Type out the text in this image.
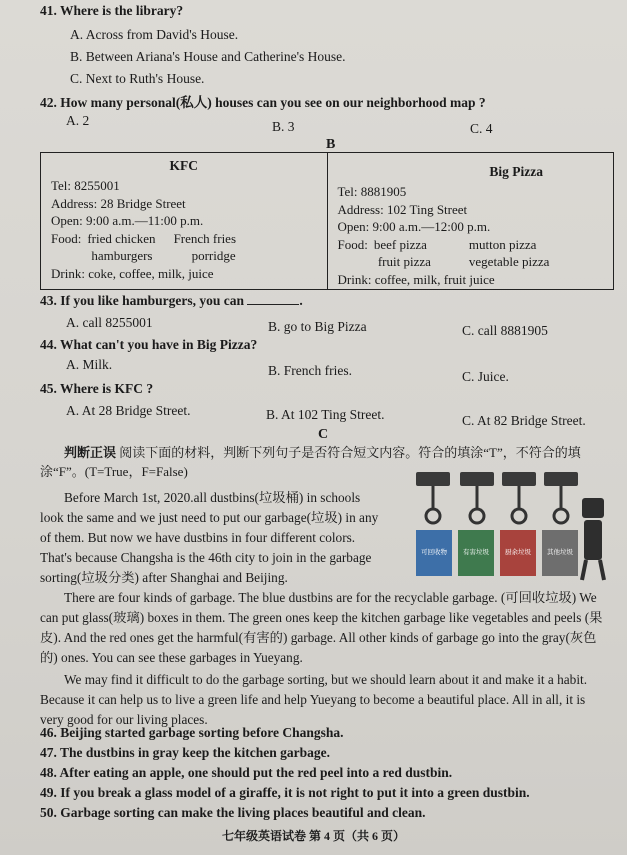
41. Where is the library?
A. Across from David's House.
B. Between Ariana's House and Catherine's House.
C. Next to Ruth's House.
42. How many personal(私人) houses can you see on our neighborhood map ?
A. 2	B. 3	C. 4
B
KFC
Tel: 8255001
Address: 28 Bridge Street
Open: 9:00 a.m.—11:00 p.m.
Food: fried chicken French fries
hamburgers	porridge
Drink: coke, coffee, milk, juice
Big Pizza
Tel: 8881905
Address: 102 Ting Street
Open: 9:00 a.m.—12:00 p.m.
Food: beef pizza	mutton pizza
fruit pizza	vegetable pizza
Drink: coffee, milk, fruit juice
43. If you like hamburgers, you can	.
A. call 8255001	B. go to Big Pizza	C. call 8881905
44. What can't you have in Big Pizza?
A. Milk.	B. French fries.	C. Juice.
45. Where is KFC ?
A. At 28 Bridge Street.	B. At 102 Ting Street.	C. At 82 Bridge Street.
C
判断正误 阅读下面的材料，判断下列句子是否符合短文内容。符合的填涂“T”，不符合的填涂“F”。(T=True，F=False)

Before March 1st, 2020.all dustbins(垃圾桶) in schools

look the same and we just need to put our garbage(垃圾) in any

of them. But now we have dustbins in four different colors.

That's because Changsha is the 46th city to join in the garbage

sorting(垃圾分类) after Shanghai and Beijing.

可回收物 有害垃圾 厨余垃圾 其他垃圾

There are four kinds of garbage. The blue dustbins are for the recyclable garbage. (可回收垃圾) We can put glass(玻璃) boxes in them. The green ones keep the kitchen garbage like vegetables and peels (果皮). And the red ones get the harmful(有害的) garbage. All other kinds of garbage go into the gray(灰色的) ones. You can see these garbages in Yueyang.

We may find it difficult to do the garbage sorting, but we should learn about it and make it a habit. Because it can help us to live a green life and help Yueyang to become a beautiful place. All in all, it is very good for our living places.

46. Beijing started garbage sorting before Changsha.
47. The dustbins in gray keep the kitchen garbage.
48. After eating an apple, one should put the red peel into a red dustbin.
49. If you break a glass model of a giraffe, it is not right to put it into a green dustbin.
50. Garbage sorting can make the living places beautiful and clean.
七年级英语试卷 第 4 页（共 6 页）
